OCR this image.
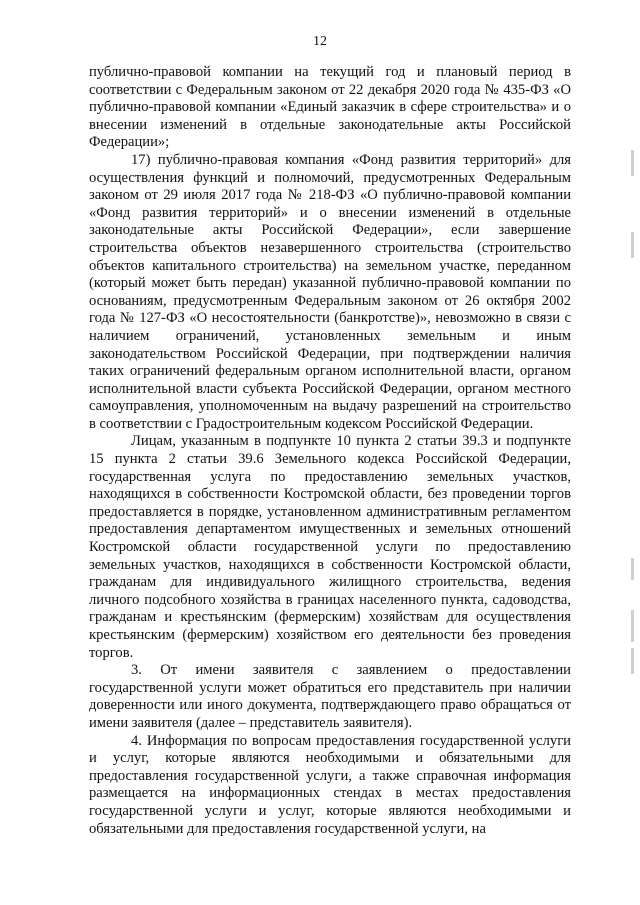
12

публично-правовой компании на текущий год и плановый период в соответствии с Федеральным законом от 22 декабря 2020 года № 435-ФЗ «О публично-правовой компании «Единый заказчик в сфере строительства» и о внесении изменений в отдельные законодательные акты Российской Федерации»;

17) публично-правовая компания «Фонд развития территорий» для осуществления функций и полномочий, предусмотренных Федеральным законом от 29 июля 2017 года № 218-ФЗ «О публично-правовой компании «Фонд развития территорий» и о внесении изменений в отдельные законодательные акты Российской Федерации», если завершение строительства объектов незавершенного строительства (строительство объектов капитального строительства) на земельном участке, переданном (который может быть передан) указанной публично-правовой компании по основаниям, предусмотренным Федеральным законом от 26 октября 2002 года № 127-ФЗ «О несостоятельности (банкротстве)», невозможно в связи с наличием ограничений, установленных земельным и иным законодательством Российской Федерации, при подтверждении наличия таких ограничений федеральным органом исполнительной власти, органом исполнительной власти субъекта Российской Федерации, органом местного самоуправления, уполномоченным на выдачу разрешений на строительство в соответствии с Градостроительным кодексом Российской Федерации.

Лицам, указанным в подпункте 10 пункта 2 статьи 39.3 и подпункте 15 пункта 2 статьи 39.6 Земельного кодекса Российской Федерации, государственная услуга по предоставлению земельных участков, находящихся в собственности Костромской области, без проведении торгов предоставляется в порядке, установленном административным регламентом предоставления департаментом имущественных и земельных отношений Костромской области государственной услуги по предоставлению земельных участков, находящихся в собственности Костромской области, гражданам для индивидуального жилищного строительства, ведения личного подсобного хозяйства в границах населенного пункта, садоводства, гражданам и крестьянским (фермерским) хозяйствам для осуществления крестьянским (фермерским) хозяйством его деятельности без проведения торгов.

3. От имени заявителя с заявлением о предоставлении государственной услуги может обратиться его представитель при наличии доверенности или иного документа, подтверждающего право обращаться от имени заявителя (далее – представитель заявителя).

4. Информация по вопросам предоставления государственной услуги и услуг, которые являются необходимыми и обязательными для предоставления государственной услуги, а также справочная информация размещается на информационных стендах в местах предоставления государственной услуги и услуг, которые являются необходимыми и обязательными для предоставления государственной услуги, на
